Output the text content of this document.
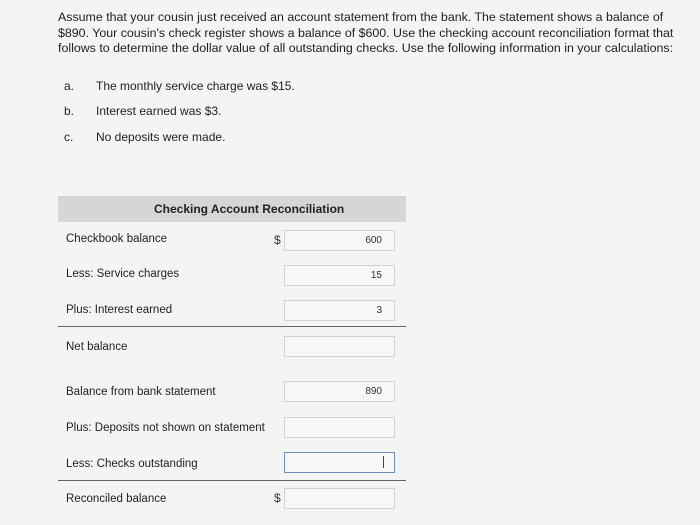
Assume that your cousin just received an account statement from the bank. The statement shows a balance of $890. Your cousin's check register shows a balance of $600. Use the checking account reconciliation format that follows to determine the dollar value of all outstanding checks. Use the following information in your calculations:
a. The monthly service charge was $15.
b. Interest earned was $3.
c. No deposits were made.
Checking Account Reconciliation
Checkbook balance	$
600
Less: Service charges
15
Plus: Interest earned
3
Net balance
Balance from bank statement
890
Plus: Deposits not shown on statement
Less: Checks outstanding
Reconciled balance	$
